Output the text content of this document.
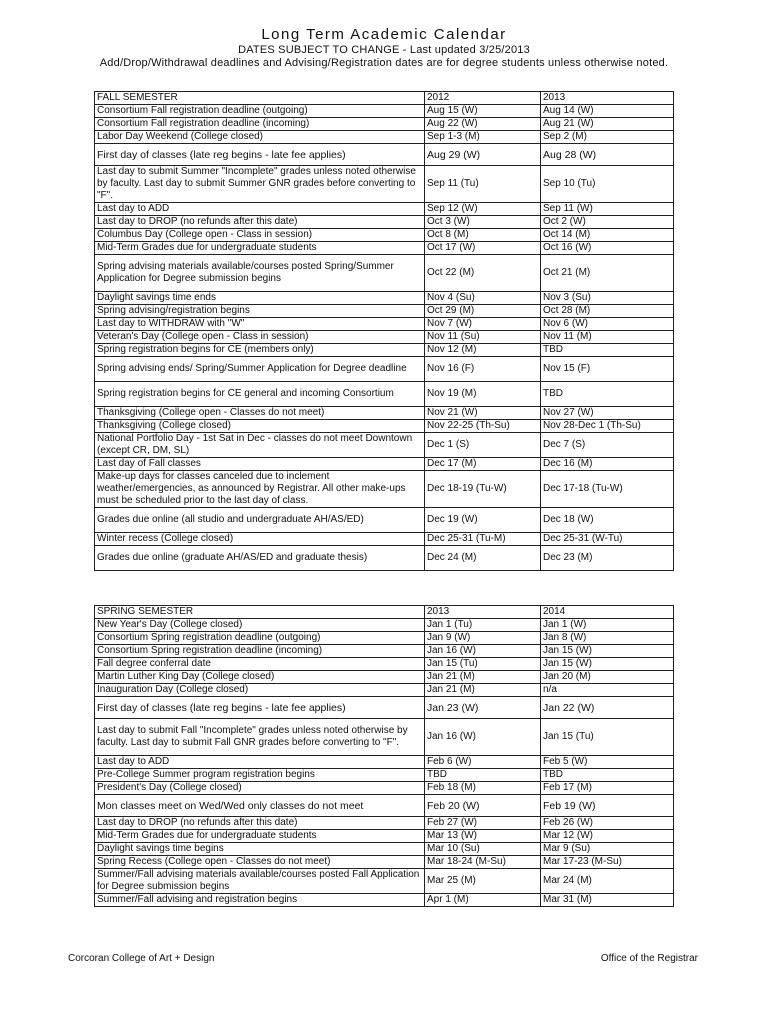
Long Term Academic Calendar
DATES SUBJECT TO CHANGE - Last updated 3/25/2013
Add/Drop/Withdrawal deadlines and Advising/Registration dates are for degree students unless otherwise noted.
FALL SEMESTER	2012	2013
Consortium Fall registration deadline (outgoing)	Aug 15 (W)	Aug 14 (W)
Consortium Fall registration deadline (incoming)	Aug 22 (W)	Aug 21 (W)
Labor Day Weekend (College closed)	Sep 1-3 (M)	Sep 2 (M)
First day of classes (late reg begins - late fee applies)	Aug 29 (W)	Aug 28 (W)
Last day to submit Summer "Incomplete" grades unless noted otherwise by faculty. Last day to submit Summer GNR grades before converting to "F".	Sep 11 (Tu)	Sep 10 (Tu)
Last day to ADD	Sep 12 (W)	Sep 11 (W)
Last day to DROP (no refunds after this date)	Oct 3 (W)	Oct 2 (W)
Columbus Day (College open - Class in session)	Oct 8 (M)	Oct 14 (M)
Mid-Term Grades due for undergraduate students	Oct 17 (W)	Oct 16 (W)
Spring advising materials available/courses posted Spring/Summer Application for Degree submission begins	Oct 22 (M)	Oct 21 (M)
Daylight savings time ends	Nov 4 (Su)	Nov 3 (Su)
Spring advising/registration begins	Oct 29 (M)	Oct 28 (M)
Last day to WITHDRAW with "W"	Nov 7 (W)	Nov 6 (W)
Veteran's Day (College open - Class in session)	Nov 11 (Su)	Nov 11 (M)
Spring registration begins for CE (members only)	Nov 12 (M)	TBD
Spring advising ends/ Spring/Summer Application for Degree deadline	Nov 16 (F)	Nov 15 (F)
Spring registration begins for CE general and incoming Consortium	Nov 19 (M)	TBD
Thanksgiving (College open - Classes do not meet)	Nov 21 (W)	Nov 27 (W)
Thanksgiving (College closed)	Nov 22-25 (Th-Su)	Nov 28-Dec 1 (Th-Su)
National Portfolio Day - 1st Sat in Dec - classes do not meet Downtown (except CR, DM, SL)	Dec 1 (S)	Dec 7 (S)
Last day of Fall classes	Dec 17 (M)	Dec 16 (M)
Make-up days for classes canceled due to inclement weather/emergencies, as announced by Registrar. All other make-ups must be scheduled prior to the last day of class.	Dec 18-19 (Tu-W)	Dec 17-18 (Tu-W)
Grades due online (all studio and undergraduate AH/AS/ED)	Dec 19 (W)	Dec 18 (W)
Winter recess (College closed)	Dec 25-31 (Tu-M)	Dec 25-31 (W-Tu)
Grades due online (graduate AH/AS/ED and graduate thesis)	Dec 24 (M)	Dec 23 (M)
SPRING SEMESTER	2013	2014
New Year's Day (College closed)	Jan 1 (Tu)	Jan 1 (W)
Consortium Spring registration deadline (outgoing)	Jan 9 (W)	Jan 8 (W)
Consortium Spring registration deadline (incoming)	Jan 16 (W)	Jan 15 (W)
Fall degree conferral date	Jan 15 (Tu)	Jan 15 (W)
Martin Luther King Day (College closed)	Jan 21 (M)	Jan 20 (M)
Inauguration Day (College closed)	Jan 21 (M)	n/a
First day of classes (late reg begins - late fee applies)	Jan 23 (W)	Jan 22 (W)
Last day to submit Fall "Incomplete" grades unless noted otherwise by faculty. Last day to submit Fall GNR grades before converting to "F".	Jan 16 (W)	Jan 15 (Tu)
Last day to ADD	Feb 6 (W)	Feb 5 (W)
Pre-College Summer program registration begins	TBD	TBD
President's Day (College closed)	Feb 18 (M)	Feb 17 (M)
Mon classes meet on Wed/Wed only classes do not meet	Feb 20 (W)	Feb 19 (W)
Last day to DROP (no refunds after this date)	Feb 27 (W)	Feb 26 (W)
Mid-Term Grades due for undergraduate students	Mar 13 (W)	Mar 12 (W)
Daylight savings time begins	Mar 10 (Su)	Mar 9 (Su)
Spring Recess (College open - Classes do not meet)	Mar 18-24 (M-Su)	Mar 17-23 (M-Su)
Summer/Fall advising materials available/courses posted Fall Application for Degree submission begins	Mar 25 (M)	Mar 24 (M)
Summer/Fall advising and registration begins	Apr 1 (M)	Mar 31 (M)
Corcoran College of Art + Design	Office of the Registrar
